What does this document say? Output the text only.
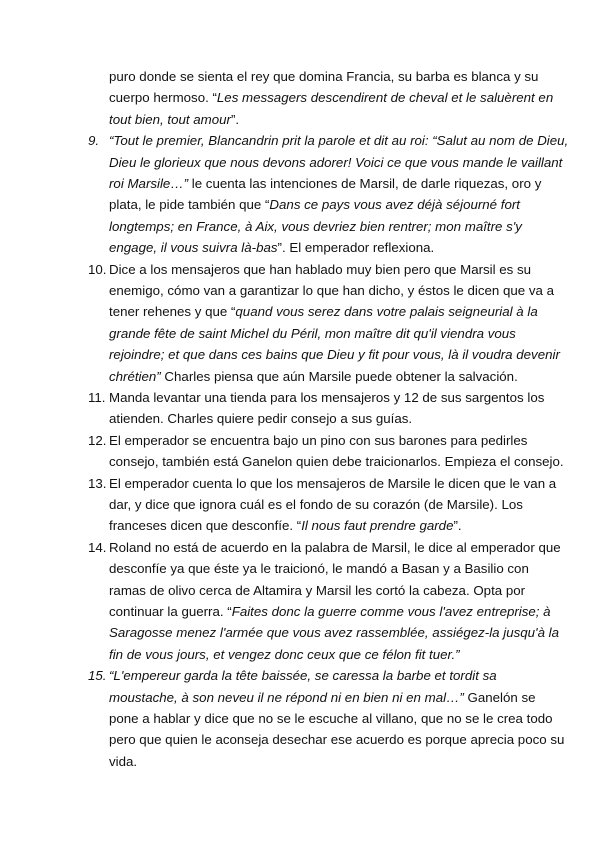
puro donde se sienta el rey que domina Francia, su barba es blanca y su
cuerpo hermoso. “Les messagers descendirent de cheval et le saluèrent en
tout bien, tout amour”.
9. “Tout le premier, Blancandrin prit la parole et dit au roi: “Salut au nom de Dieu,
Dieu le glorieux que nous devons adorer! Voici ce que vous mande le vaillant
roi Marsile…” le cuenta las intenciones de Marsil, de darle riquezas, oro y
plata, le pide también que “Dans ce pays vous avez déjà séjourné fort
longtemps; en France, à Aix, vous devriez bien rentrer; mon maître s'y
engage, il vous suivra là-bas”. El emperador reflexiona.
10. Dice a los mensajeros que han hablado muy bien pero que Marsil es su
enemigo, cómo van a garantizar lo que han dicho, y éstos le dicen que va a
tener rehenes y que “quand vous serez dans votre palais seigneurial à la
grande fête de saint Michel du Péril, mon maître dit qu'il viendra vous
rejoindre; et que dans ces bains que Dieu y fit pour vous, là il voudra devenir
chrétien” Charles piensa que aún Marsile puede obtener la salvación.
11. Manda levantar una tienda para los mensajeros y 12 de sus sargentos los
atienden. Charles quiere pedir consejo a sus guías.
12. El emperador se encuentra bajo un pino con sus barones para pedirles
consejo, también está Ganelon quien debe traicionarlos. Empieza el consejo.
13. El emperador cuenta lo que los mensajeros de Marsile le dicen que le van a
dar, y dice que ignora cuál es el fondo de su corazón (de Marsile). Los
franceses dicen que desconfíe. “Il nous faut prendre garde”.
14. Roland no está de acuerdo en la palabra de Marsil, le dice al emperador que
desconfíe ya que éste ya le traicionó, le mandó a Basan y a Basilio con
ramas de olivo cerca de Altamira y Marsil les cortó la cabeza. Opta por
continuar la guerra. “Faites donc la guerre comme vous l'avez entreprise; à
Saragosse menez l'armée que vous avez rassemblée, assiégez-la jusqu'à la
fin de vous jours, et vengez donc ceux que ce félon fit tuer.”
15. “L'empereur garda la tête baissée, se caressa la barbe et tordit sa
moustache, à son neveu il ne répond ni en bien ni en mal…” Ganelón se
pone a hablar y dice que no se le escuche al villano, que no se le crea todo
pero que quien le aconseja desechar ese acuerdo es porque aprecia poco su
vida.
